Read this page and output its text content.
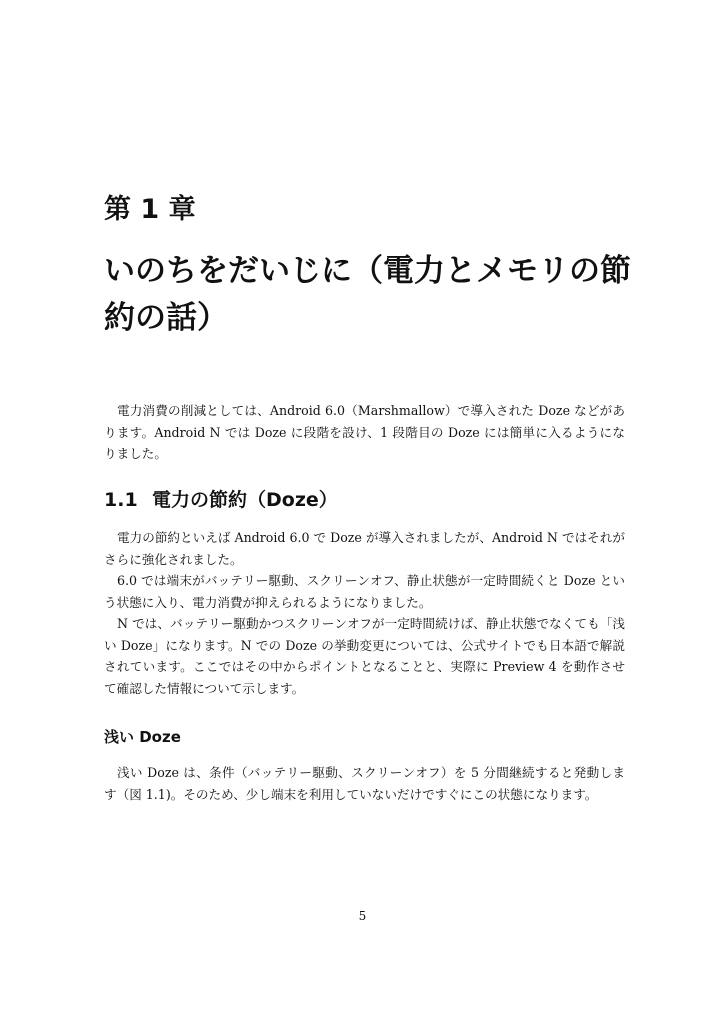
第 1 章
いのちをだいじに（電力とメモリの節約の話）

電力消費の削減としては、Android 6.0（Marshmallow）で導入された Doze などがあります。Android N では Doze に段階を設け、1 段階目の Doze には簡単に入るようになりました。

1.1 電力の節約（Doze）

電力の節約といえば Android 6.0 で Doze が導入されましたが、Android N ではそれがさらに強化されました。

6.0 では端末がバッテリー駆動、スクリーンオフ、静止状態が一定時間続くと Doze という状態に入り、電力消費が抑えられるようになりました。

N では、バッテリー駆動かつスクリーンオフが一定時間続けば、静止状態でなくても「浅い Doze」になります。N での Doze の挙動変更については、公式サイトでも日本語で解説されています。ここではその中からポイントとなることと、実際に Preview 4 を動作させて確認した情報について示します。

浅い Doze

浅い Doze は、条件（バッテリー駆動、スクリーンオフ）を 5 分間継続すると発動します（図 1.1)。そのため、少し端末を利用していないだけですぐにこの状態になります。

5
